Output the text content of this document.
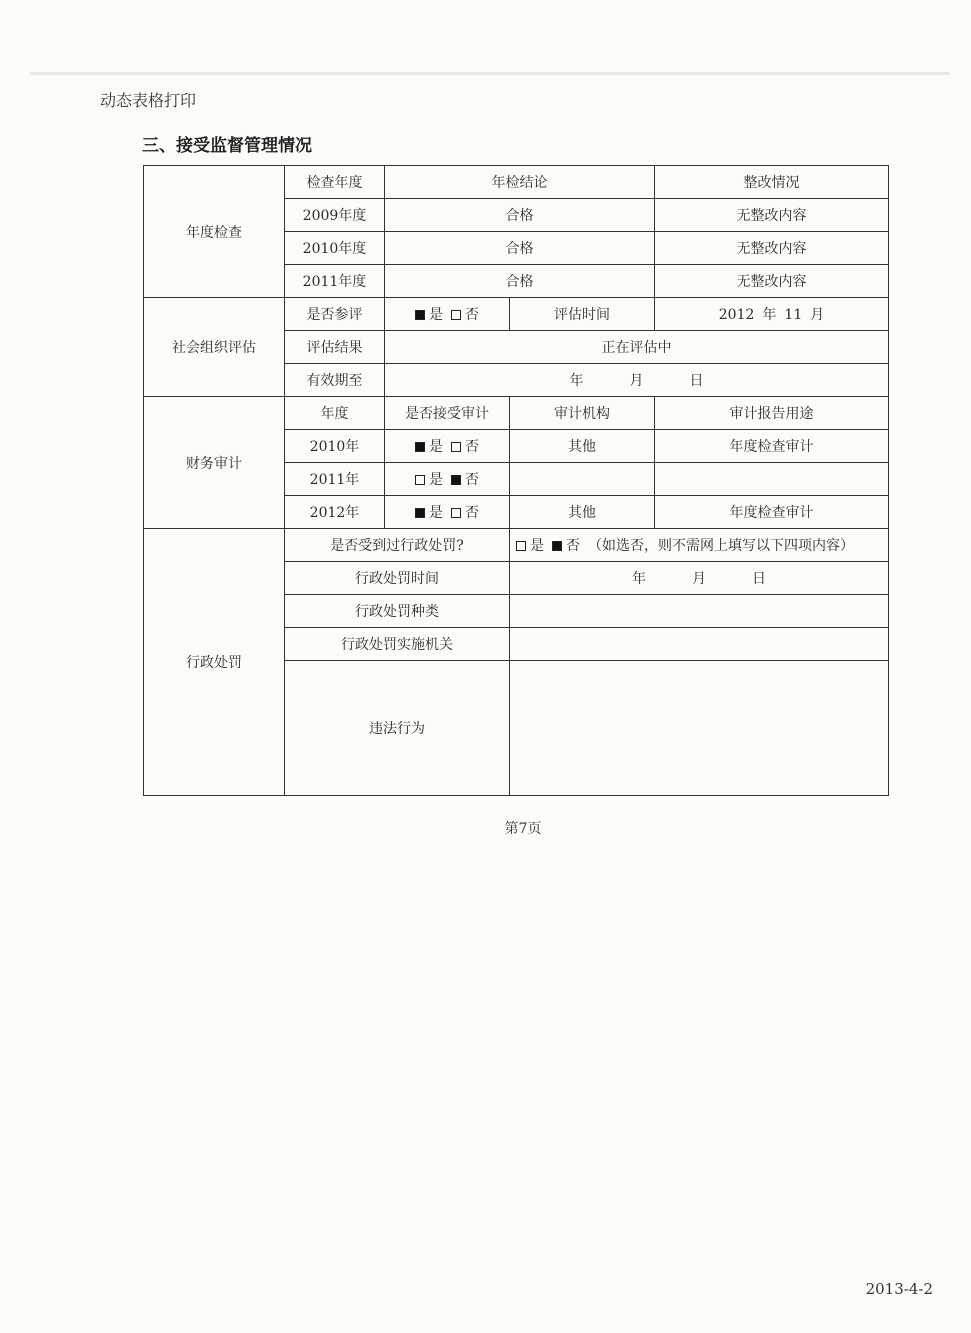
动态表格打印
三、接受监督管理情况
年度检查	检查年度	年检结论		整改情况
	2009年度	合格		无整改内容
	2010年度	合格		无整改内容
	2011年度	合格		无整改内容
社会组织评估	是否参评	是 否	评估时间	2012 年 11 月
	评估结果	正在评估中		
	有效期至	年 月 日		
财务审计	年度	是否接受审计	审计机构	审计报告用途
	2010年	是 否	其他	年度检查审计
	2011年	是 否		
	2012年	是 否	其他	年度检查审计
行政处罚	是否受到过行政处罚?		是 否 （如选否，则不需网上填写以下四项内容）	
	行政处罚时间		年 月 日	
	行政处罚种类			
	行政处罚实施机关			
	违法行为			
第7页
2013-4-2
